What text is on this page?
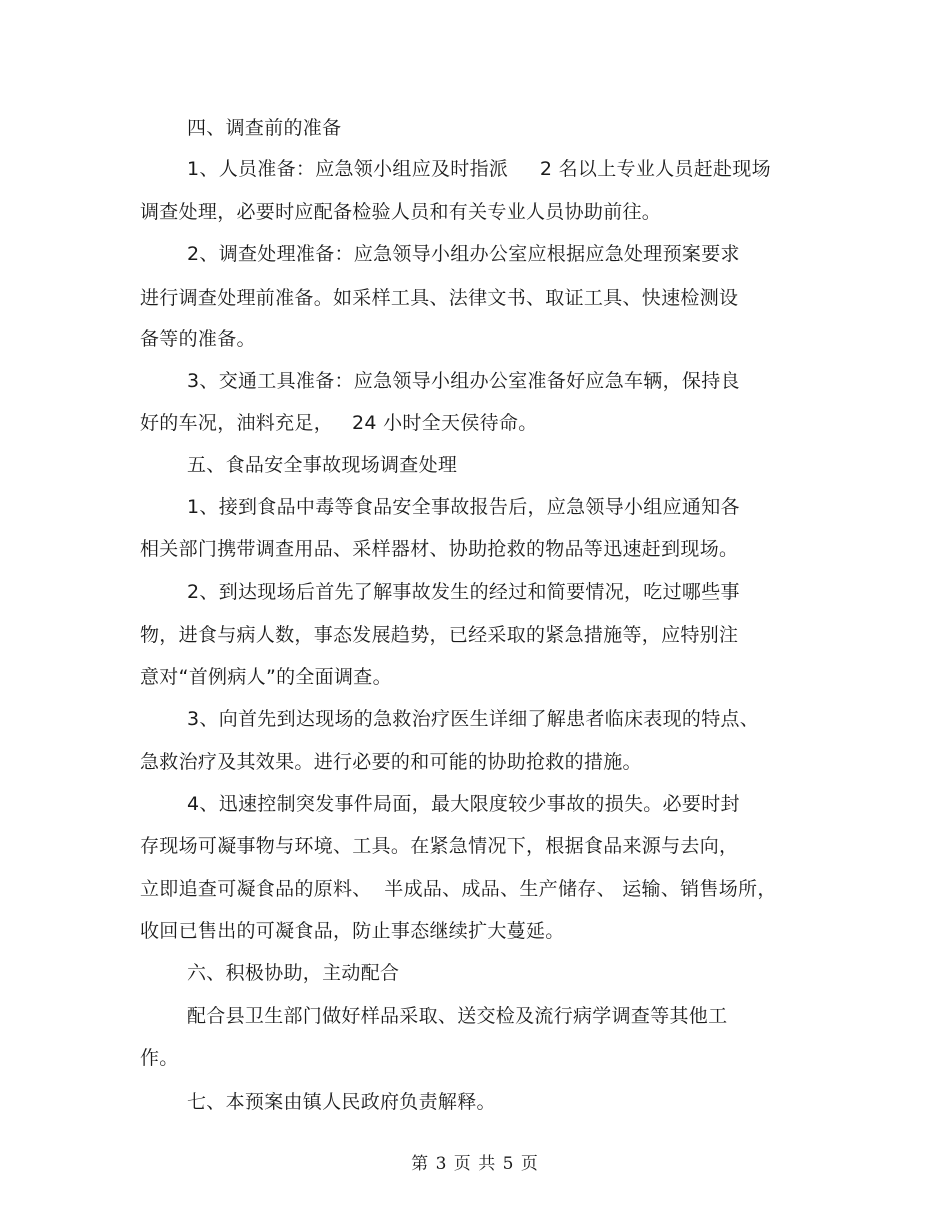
四、调查前的准备
1、人员准备：应急领小组应及时指派     2 名以上专业人员赶赴现场
调查处理，必要时应配备检验人员和有关专业人员协助前往。
2、调查处理准备：应急领导小组办公室应根据应急处理预案要求
进行调查处理前准备。如采样工具、法律文书、取证工具、快速检测设
备等的准备。
3、交通工具准备：应急领导小组办公室准备好应急车辆，保持良
好的车况，油料充足，   24 小时全天侯待命。
五、食品安全事故现场调查处理
1、接到食品中毒等食品安全事故报告后，应急领导小组应通知各
相关部门携带调查用品、采样器材、协助抢救的物品等迅速赶到现场。
2、到达现场后首先了解事故发生的经过和简要情况，吃过哪些事
物，进食与病人数，事态发展趋势，已经采取的紧急措施等，应特别注
意对“首例病人”的全面调查。
3、向首先到达现场的急救治疗医生详细了解患者临床表现的特点、
急救治疗及其效果。进行必要的和可能的协助抢救的措施。
4、迅速控制突发事件局面，最大限度较少事故的损失。必要时封
存现场可凝事物与环境、工具。在紧急情况下，根据食品来源与去向，
立即追查可凝食品的原料、  半成品、成品、生产储存、 运输、销售场所，
收回已售出的可凝食品，防止事态继续扩大蔓延。
六、积极协助，主动配合
配合县卫生部门做好样品采取、送交检及流行病学调查等其他工
作。
七、本预案由镇人民政府负责解释。
第 3 页 共 5 页
